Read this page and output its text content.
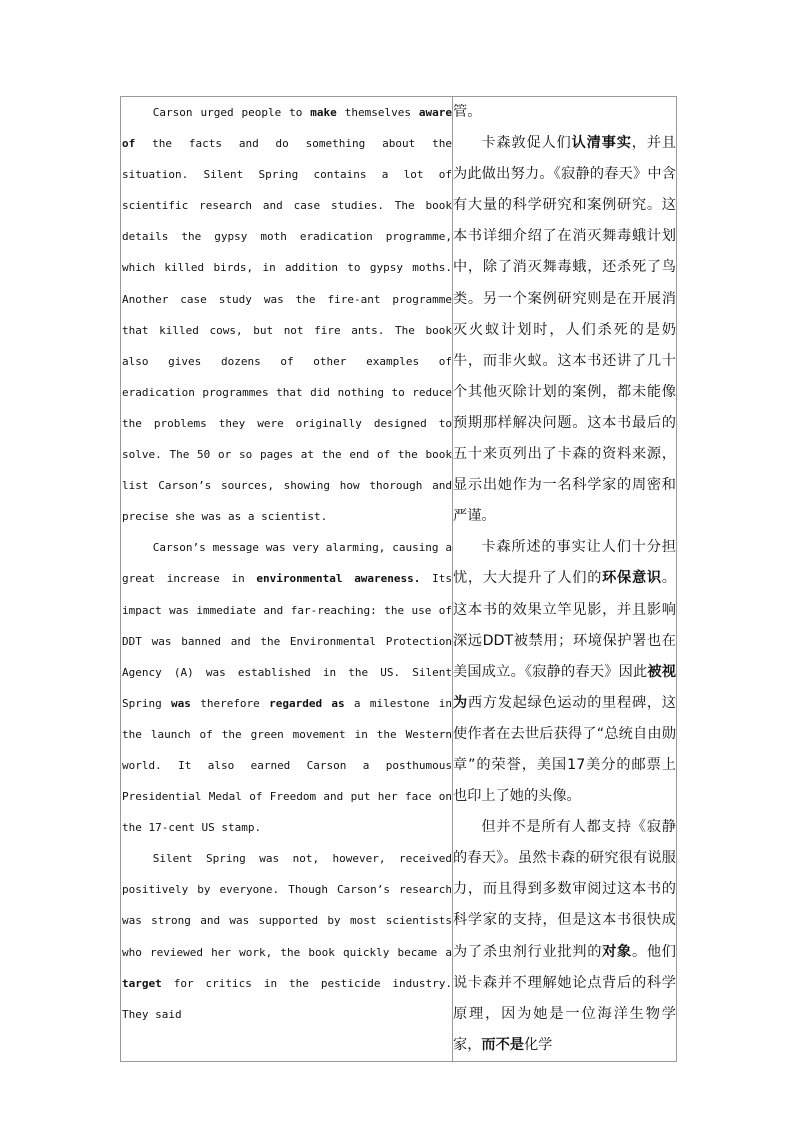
Carson urged people to make themselves aware of the facts and do something about the situation. Silent Spring contains a lot of scientific research and case studies. The book details the gypsy moth eradication programme, which killed birds, in addition to gypsy moths. Another case study was the fire-ant programme that killed cows, but not fire ants. The book also gives dozens of other examples of eradication programmes that did nothing to reduce the problems they were originally designed to solve. The 50 or so pages at the end of the book list Carson’s sources, showing how thorough and precise she was as a scientist.

Carson’s message was very alarming, causing a great increase in environmental awareness. Its impact was immediate and far-reaching: the use of DDT was banned and the Environmental Protection Agency (A) was established in the US. Silent Spring was therefore regarded as a milestone in the launch of the green movement in the Western world. It also earned Carson a posthumous Presidential Medal of Freedom and put her face on the 17-cent US stamp.

Silent Spring was not, however, received positively by everyone. Though Carson’s research was strong and was supported by most scientists who reviewed her work, the book quickly became a target for critics in the pesticide industry. They said

管。

卡森敦促人们认清事实，并且为此做出努力。《寂静的春天》中含有大量的科学研究和案例研究。这本书详细介绍了在消灭舞毒蛾计划中，除了消灭舞毒蛾，还杀死了鸟类。另一个案例研究则是在开展消灭火蚁计划时，人们杀死的是奶牛，而非火蚁。这本书还讲了几十个其他灭除计划的案例，都未能像预期那样解决问题。这本书最后的五十来页列出了卡森的资料来源，显示出她作为一名科学家的周密和严谨。

卡森所述的事实让人们十分担忧，大大提升了人们的环保意识。这本书的效果立竿见影，并且影响深远DDT被禁用；环境保护署也在美国成立。《寂静的春天》因此被视为西方发起绿色运动的里程碑，这使作者在去世后获得了“总统自由勋章”的荣誉，美国17美分的邮票上也印上了她的头像。

但并不是所有人都支持《寂静的春天》。虽然卡森的研究很有说服力，而且得到多数审阅过这本书的科学家的支持，但是这本书很快成为了杀虫剂行业批判的对象。他们说卡森并不理解她论点背后的科学原理，因为她是一位海洋生物学家，而不是化学
